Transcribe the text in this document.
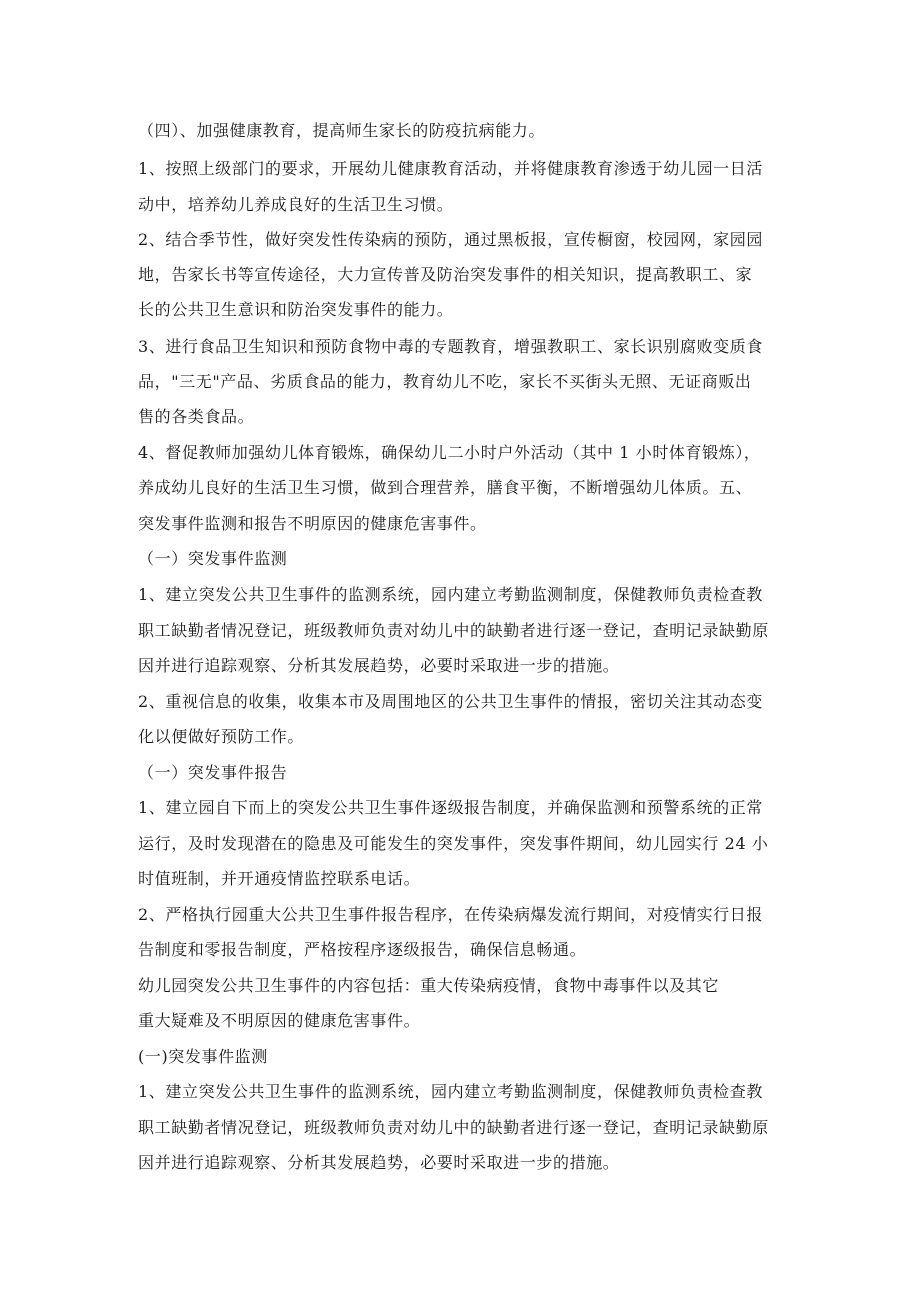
（四）、加强健康教育，提高师生家长的防疫抗病能力。
1、按照上级部门的要求，开展幼儿健康教育活动，并将健康教育渗透于幼儿园一日活
动中，培养幼儿养成良好的生活卫生习惯。
2、结合季节性，做好突发性传染病的预防，通过黑板报，宣传橱窗，校园网，家园园
地，告家长书等宣传途径，大力宣传普及防治突发事件的相关知识，提高教职工、家
长的公共卫生意识和防治突发事件的能力。
3、进行食品卫生知识和预防食物中毒的专题教育，增强教职工、家长识别腐败变质食
品，"三无"产品、劣质食品的能力，教育幼儿不吃，家长不买街头无照、无证商贩出
售的各类食品。
4、督促教师加强幼儿体育锻炼，确保幼儿二小时户外活动（其中 1 小时体育锻炼），
养成幼儿良好的生活卫生习惯，做到合理营养，膳食平衡，不断增强幼儿体质。五、
突发事件监测和报告不明原因的健康危害事件。
（一）突发事件监测
1、建立突发公共卫生事件的监测系统，园内建立考勤监测制度，保健教师负责检查教
职工缺勤者情况登记，班级教师负责对幼儿中的缺勤者进行逐一登记，查明记录缺勤原
因并进行追踪观察、分析其发展趋势，必要时采取进一步的措施。
2、重视信息的收集，收集本市及周围地区的公共卫生事件的情报，密切关注其动态变
化以便做好预防工作。
（一）突发事件报告
1、建立园自下而上的突发公共卫生事件逐级报告制度，并确保监测和预警系统的正常
运行，及时发现潜在的隐患及可能发生的突发事件，突发事件期间，幼儿园实行 24 小
时值班制，并开通疫情监控联系电话。
2、严格执行园重大公共卫生事件报告程序，在传染病爆发流行期间，对疫情实行日报
告制度和零报告制度，严格按程序逐级报告，确保信息畅通。
幼儿园突发公共卫生事件的内容包括：重大传染病疫情，食物中毒事件以及其它
重大疑难及不明原因的健康危害事件。
(一)突发事件监测
1、建立突发公共卫生事件的监测系统，园内建立考勤监测制度，保健教师负责检查教
职工缺勤者情况登记，班级教师负责对幼儿中的缺勤者进行逐一登记，查明记录缺勤原
因并进行追踪观察、分析其发展趋势，必要时采取进一步的措施。
